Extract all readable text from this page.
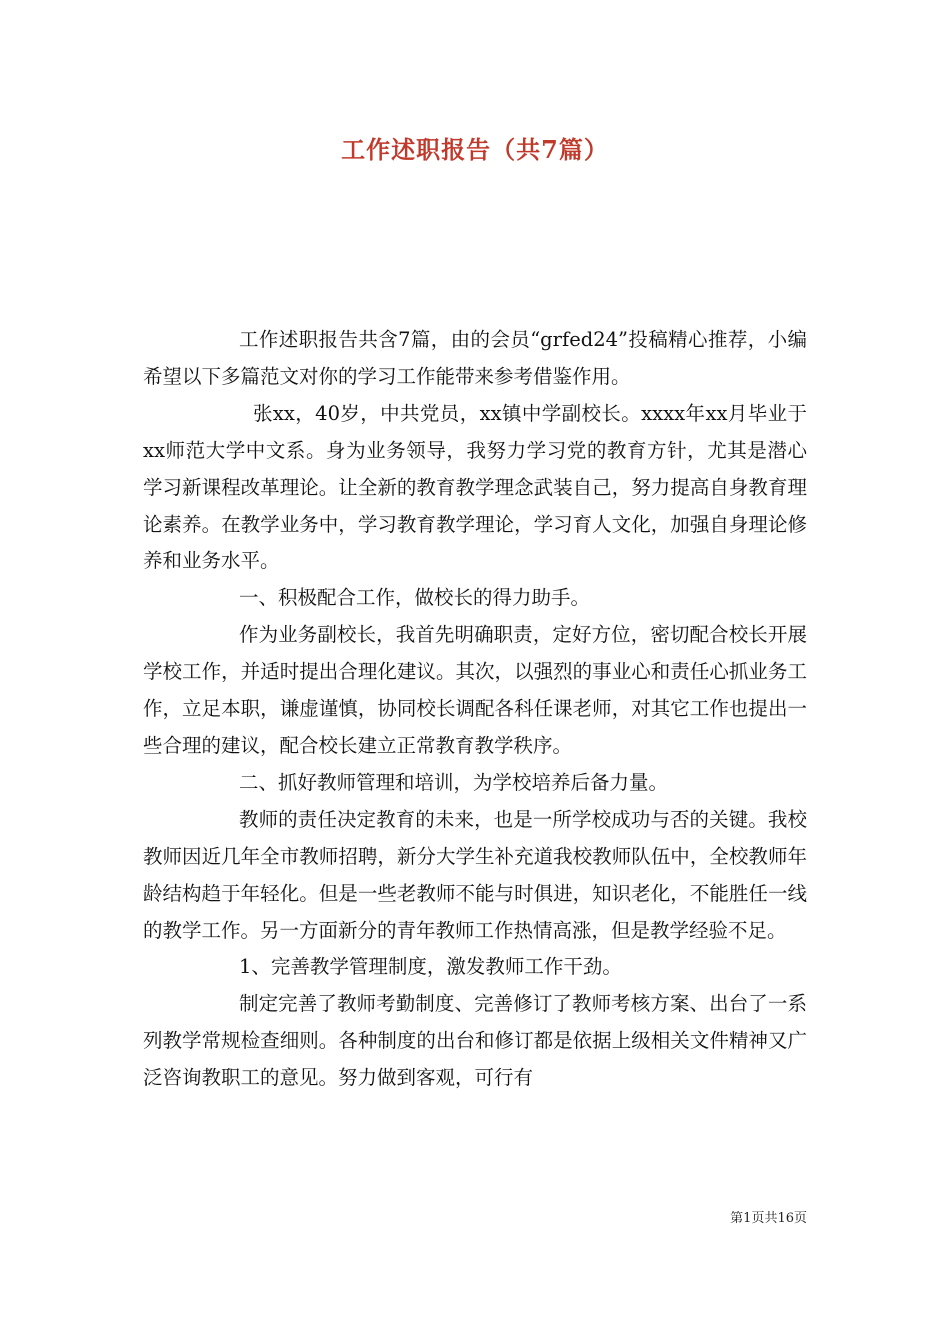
工作述职报告（共7篇）

工作述职报告共含7篇，由的会员“grfed24”投稿精心推荐，小编希望以下多篇范文对你的学习工作能带来参考借鉴作用。

张xx，40岁，中共党员，xx镇中学副校长。xxxx年xx月毕业于xx师范大学中文系。身为业务领导，我努力学习党的教育方针，尤其是潜心学习新课程改革理论。让全新的教育教学理念武装自己，努力提高自身教育理论素养。在教学业务中，学习教育教学理论，学习育人文化，加强自身理论修养和业务水平。

一、积极配合工作，做校长的得力助手。

作为业务副校长，我首先明确职责，定好方位，密切配合校长开展学校工作，并适时提出合理化建议。其次，以强烈的事业心和责任心抓业务工作，立足本职，谦虚谨慎，协同校长调配各科任课老师，对其它工作也提出一些合理的建议，配合校长建立正常教育教学秩序。

二、抓好教师管理和培训，为学校培养后备力量。

教师的责任决定教育的未来，也是一所学校成功与否的关键。我校教师因近几年全市教师招聘，新分大学生补充道我校教师队伍中，全校教师年龄结构趋于年轻化。但是一些老教师不能与时俱进，知识老化，不能胜任一线的教学工作。另一方面新分的青年教师工作热情高涨，但是教学经验不足。

1、完善教学管理制度，激发教师工作干劲。

制定完善了教师考勤制度、完善修订了教师考核方案、出台了一系列教学常规检查细则。各种制度的出台和修订都是依据上级相关文件精神又广泛咨询教职工的意见。努力做到客观，可行有

第1页共16页
